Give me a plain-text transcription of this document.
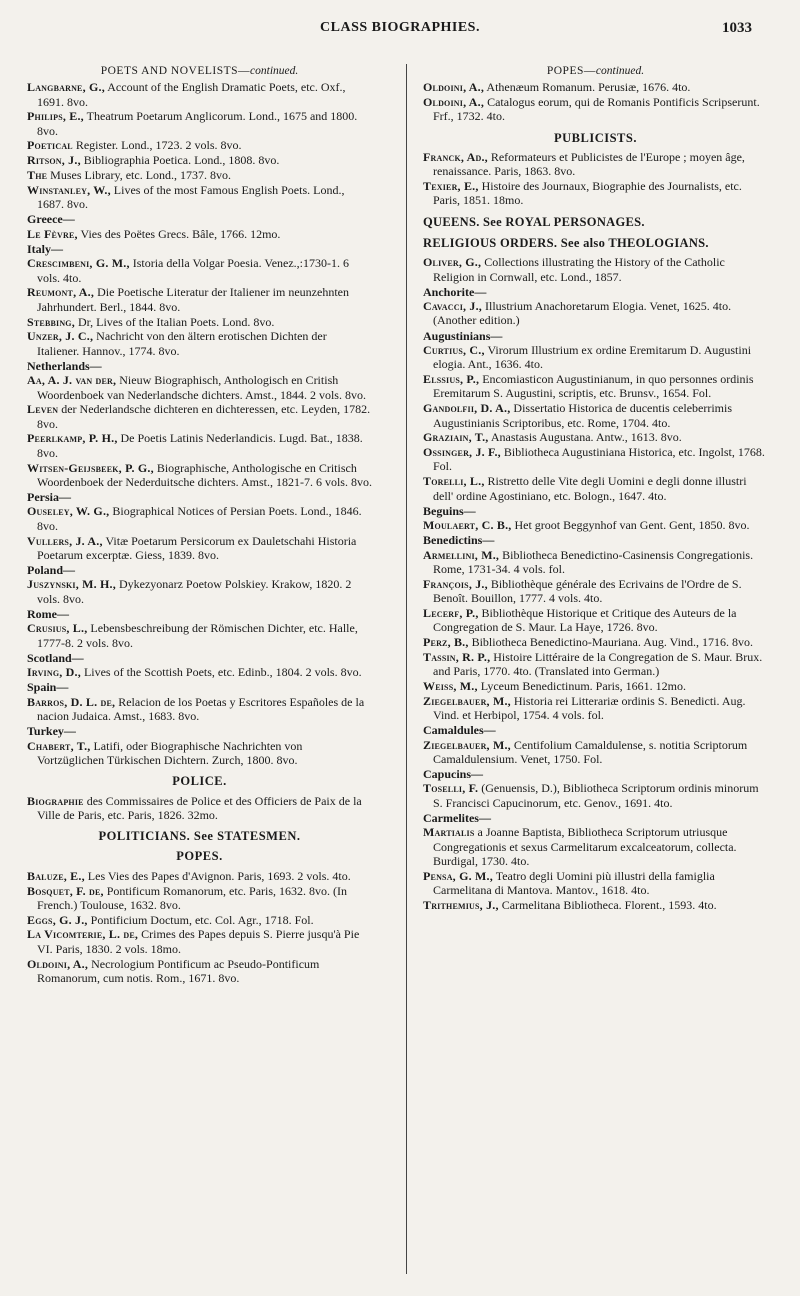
CLASS BIOGRAPHIES.	1033
POETS AND NOVELISTS—continued.
Langbarne, G., Account of the English Dramatic Poets, etc. Oxf., 1691. 8vo.
Philips, E., Theatrum Poetarum Anglicorum. Lond., 1675 and 1800. 8vo.
Poetical Register. Lond., 1723. 2 vols. 8vo.
Ritson, J., Bibliographia Poetica. Lond., 1808. 8vo.
The Muses Library, etc. Lond., 1737. 8vo.
Winstanley, W., Lives of the most Famous English Poets. Lond., 1687. 8vo.
Greece—
Le Fèvre, Vies des Poëtes Grecs. Bâle, 1766. 12mo.
Italy—
Crescimbeni, G. M., Istoria della Volgar Poesia. Venez.,:1730-1. 6 vols. 4to.
Reumont, A., Die Poetische Literatur der Italiener im neunzehnten Jahrhundert. Berl., 1844. 8vo.
Stebbing, Dr, Lives of the Italian Poets. Lond. 8vo.
Unzer, J. C., Nachricht von den ältern erotischen Dichten der Italiener. Hannov., 1774. 8vo.
Netherlands—
Aa, A. J. van der, Nieuw Biographisch, Anthologisch en Critish Woordenboek van Nederlandsche dichters. Amst., 1844. 2 vols. 8vo.
Leven der Nederlandsche dichteren en dichteressen, etc. Leyden, 1782. 8vo.
Peerlkamp, P. H., De Poetis Latinis Nederlandicis. Lugd. Bat., 1838. 8vo.
Witsen-Geijsbeek, P. G., Biographische, Anthologische en Critisch Woordenboek der Nederduitsche dichters. Amst., 1821-7. 6 vols. 8vo.
Persia—
Ouseley, W. G., Biographical Notices of Persian Poets. Lond., 1846. 8vo.
Vullers, J. A., Vitæ Poetarum Persicorum ex Dauletschahi Historia Poetarum excerptæ. Giess, 1839. 8vo.
Poland—
Juszynski, M. H., Dykezyonarz Poetow Polskiey. Krakow, 1820. 2 vols. 8vo.
Rome—
Crusius, L., Lebensbeschreibung der Römischen Dichter, etc. Halle, 1777-8. 2 vols. 8vo.
Scotland—
Irving, D., Lives of the Scottish Poets, etc. Edinb., 1804. 2 vols. 8vo.
Spain—
Barros, D. L. de, Relacion de los Poetas y Escritores Españoles de la nacion Judaica. Amst., 1683. 8vo.
Turkey—
Chabert, T., Latifi, oder Biographische Nachrichten von Vortzüglichen Türkischen Dichtern. Zurch, 1800. 8vo.
POLICE.
Biographie des Commissaires de Police et des Officiers de Paix de la Ville de Paris, etc. Paris, 1826. 32mo.
POLITICIANS. See STATESMEN.
POPES.
Baluze, E., Les Vies des Papes d'Avignon. Paris, 1693. 2 vols. 4to.
Bosquet, F. de, Pontificum Romanorum, etc. Paris, 1632. 8vo. (In French.) Toulouse, 1632. 8vo.
Eggs, G. J., Pontificium Doctum, etc. Col. Agr., 1718. Fol.
La Vicomterie, L. de, Crimes des Papes depuis S. Pierre jusqu'à Pie VI. Paris, 1830. 2 vols. 18mo.
Oldoini, A., Necrologium Pontificum ac Pseudo-Pontificum Romanorum, cum notis. Rom., 1671. 8vo.
POPES—continued.
Oldoini, A., Athenæum Romanum. Perusiæ, 1676. 4to.
Oldoini, A., Catalogus eorum, qui de Romanis Pontificis Scripserunt. Frf., 1732. 4to.
PUBLICISTS.
Franck, Ad., Reformateurs et Publicistes de l'Europe ; moyen âge, renaissance. Paris, 1863. 8vo.
Texier, E., Histoire des Journaux, Biographie des Journalists, etc. Paris, 1851. 18mo.
QUEENS. See ROYAL PERSONAGES.
RELIGIOUS ORDERS. See also THEOLOGIANS.
Oliver, G., Collections illustrating the History of the Catholic Religion in Cornwall, etc. Lond., 1857.
Anchorite—
Cavacci, J., Illustrium Anachoretarum Elogia. Venet, 1625. 4to. (Another edition.)
Augustinians—
Curtius, C., Virorum Illustrium ex ordine Eremitarum D. Augustini elogia. Ant., 1636. 4to.
Elssius, P., Encomiasticon Augustinianum, in quo personnes ordinis Eremitarum S. Augustini, scriptis, etc. Brunsv., 1654. Fol.
Gandolfii, D. A., Dissertatio Historica de ducentis celeberrimis Augustinianis Scriptoribus, etc. Rome, 1704. 4to.
Graziain, T., Anastasis Augustana. Antw., 1613. 8vo.
Ossinger, J. F., Bibliotheca Augustiniana Historica, etc. Ingolst, 1768. Fol.
Torelli, L., Ristretto delle Vite degli Uomini e degli donne illustri dell' ordine Agostiniano, etc. Bologn., 1647. 4to.
Beguins—
Moulaert, C. B., Het groot Beggynhof van Gent. Gent, 1850. 8vo.
Benedictins—
Armellini, M., Bibliotheca Benedictino-Casinensis Congregationis. Rome, 1731-34. 4 vols. fol.
François, J., Bibliothèque générale des Ecrivains de l'Ordre de S. Benoît. Bouillon, 1777. 4 vols. 4to.
Lecerf, P., Bibliothèque Historique et Critique des Auteurs de la Congregation de S. Maur. La Haye, 1726. 8vo.
Perz, B., Bibliotheca Benedictino-Mauriana. Aug. Vind., 1716. 8vo.
Tassin, R. P., Histoire Littéraire de la Congregation de S. Maur. Brux. and Paris, 1770. 4to. (Translated into German.)
Weiss, M., Lyceum Benedictinum. Paris, 1661. 12mo.
Ziegelbauer, M., Historia rei Litterariæ ordinis S. Benedicti. Aug. Vind. et Herbipol, 1754. 4 vols. fol.
Camaldules—
Ziegelbauer, M., Centifolium Camaldulense, s. notitia Scriptorum Camaldulensium. Venet, 1750. Fol.
Capucins—
Toselli, F. (Genuensis, D.), Bibliotheca Scriptorum ordinis minorum S. Francisci Capucinorum, etc. Genov., 1691. 4to.
Carmelites—
Martialis a Joanne Baptista, Bibliotheca Scriptorum utriusque Congregationis et sexus Carmelitarum excalceatorum, collecta. Burdigal, 1730. 4to.
Pensa, G. M., Teatro degli Uomini più illustri della famiglia Carmelitana di Mantova. Mantov., 1618. 4to.
Trithemius, J., Carmelitana Bibliotheca. Florent., 1593. 4to.
